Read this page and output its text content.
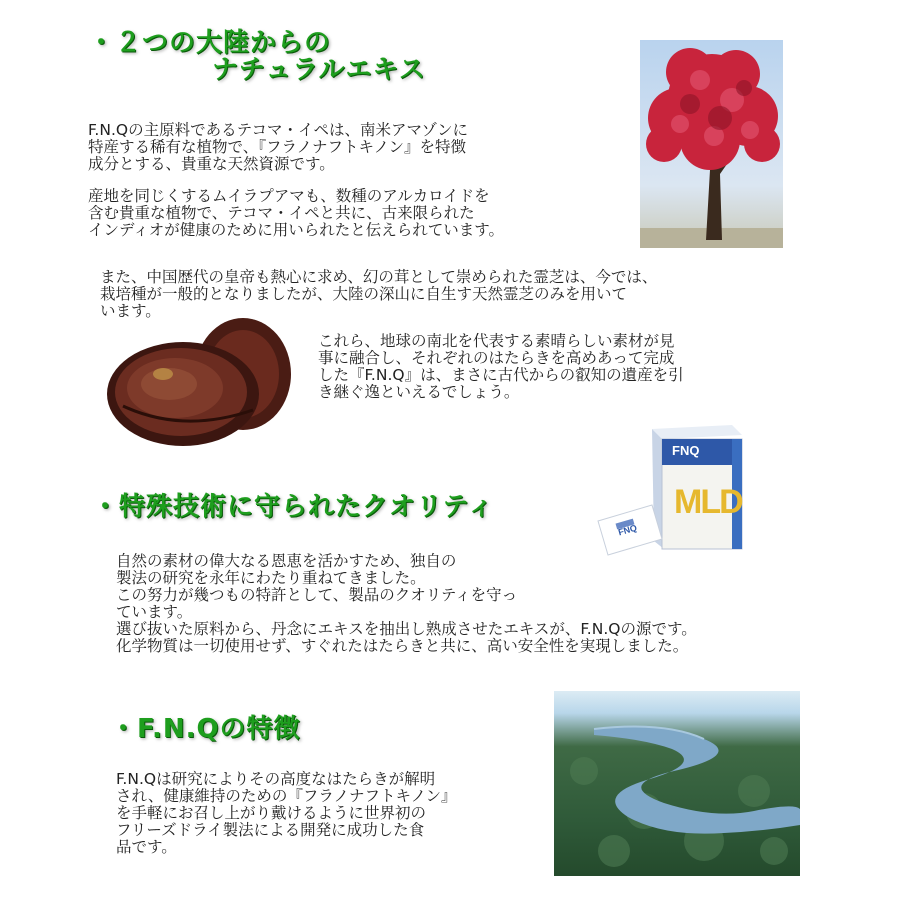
・２つの大陸からの
ナチュラルエキス
F.N.Qの主原料であるテコマ・イペは、南米アマゾンに
特産する稀有な植物で、『フラノナフトキノン』を特徴
成分とする、貴重な天然資源です。
産地を同じくするムイラプアマも、数種のアルカロイドを
含む貴重な植物で、テコマ・イペと共に、古来限られた
インディオが健康のために用いられたと伝えられています。
また、中国歴代の皇帝も熱心に求め、幻の茸として崇められた霊芝は、今では、
栽培種が一般的となりましたが、大陸の深山に自生す天然霊芝のみを用いて
います。
これら、地球の南北を代表する素晴らしい素材が見
事に融合し、それぞれのはたらきを高めあって完成
した『F.N.Q』は、まさに古代からの叡知の遺産を引
き継ぐ逸といえるでしょう。
FNQ
MLD
FNQ
・特殊技術に守られたクオリティ
自然の素材の偉大なる恩恵を活かすため、独自の
製法の研究を永年にわたり重ねてきました。
この努力が幾つもの特許として、製品のクオリティを守っ
ています。
選び抜いた原料から、丹念にエキスを抽出し熟成させたエキスが、F.N.Qの源です。
化学物質は一切使用せず、すぐれたはたらきと共に、高い安全性を実現しました。
・F.N.Qの特徴
F.N.Qは研究によりその高度なはたらきが解明
され、健康維持のための『フラノナフトキノン』
を手軽にお召し上がり戴けるように世界初の
フリーズドライ製法による開発に成功した食
品です。
